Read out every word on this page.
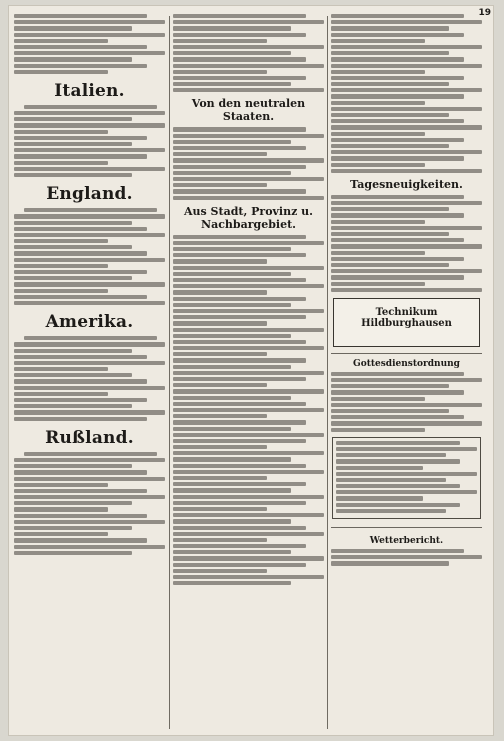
19
Italien.
England.
Amerika.
Rußland.
Von den neutralen Staaten.
Aus Stadt, Provinz u. Nachbargebiet.
Tagesneuigkeiten.
Technikum Hildburghausen
Gottesdienstordnung
Wetterbericht.
